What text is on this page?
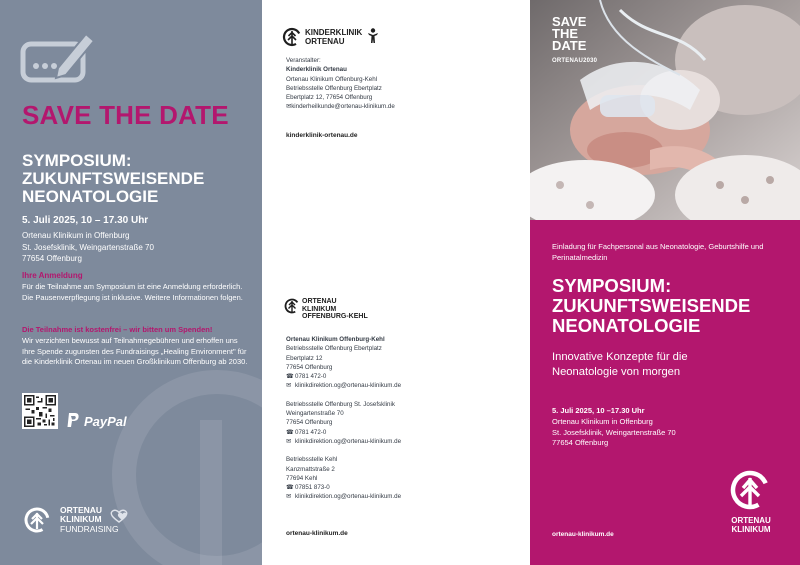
SAVE THE DATE
SYMPOSIUM:
ZUKUNFTSWEISENDE
NEONATOLOGIE
5. Juli 2025, 10 – 17.30 Uhr
Ortenau Klinikum in Offenburg
St. Josefsklinik, Weingartenstraße 70
77654 Offenburg
Ihre Anmeldung
Für die Teilnahme am Symposium ist eine Anmeldung erforderlich. Die Pausenverpflegung ist inklusive. Weitere Informationen folgen.
Die Teilnahme ist kostenfrei – wir bitten um Spenden!
Wir verzichten bewusst auf Teilnahmegebühren und erhoffen uns Ihre Spende zugunsten des Fundraisings „Healing Environment" für die Kinderklinik Ortenau im neuen Großklinikum Offenburg ab 2030.
PayPal
ORTENAU
KLINIKUM
FUNDRAISING
KINDERKLINIK
ORTENAU
Veranstalter:
Kinderklinik Ortenau
Ortenau Klinikum Offenburg-Kehl
Betriebsstelle Offenburg Ebertplatz
Ebertplatz 12, 77654 Offenburg
✉kinderheilkunde@ortenau-klinikum.de
kinderklinik-ortenau.de
ORTENAU
KLINIKUM
OFFENBURG-KEHL
Ortenau Klinikum Offenburg-Kehl
Betriebsstelle Offenburg Ebertplatz
Ebertplatz 12
77654 Offenburg
☎0781 472-0
✉ klinikdirektion.og@ortenau-klinikum.de
Betriebsstelle Offenburg St. Josefsklinik
Weingartenstraße 70
77654 Offenburg
☎0781 472-0
✉ klinikdirektion.og@ortenau-klinikum.de
Betriebsstelle Kehl
Kanzmattstraße 2
77694 Kehl
☎07851 873-0
✉ klinikdirektion.og@ortenau-klinikum.de
ortenau-klinikum.de
SAVE
THE
DATE
ORTENAU2030
Einladung für Fachpersonal aus Neonatologie, Geburtshilfe und Perinatalmedizin
SYMPOSIUM:
ZUKUNFTSWEISENDE
NEONATOLOGIE
Innovative Konzepte für die
Neonatologie von morgen
5. Juli 2025, 10 –17.30 Uhr
Ortenau Klinikum in Offenburg
St. Josefsklinik, Weingartenstraße 70
77654 Offenburg
ORTENAU
KLINIKUM
ortenau-klinikum.de
